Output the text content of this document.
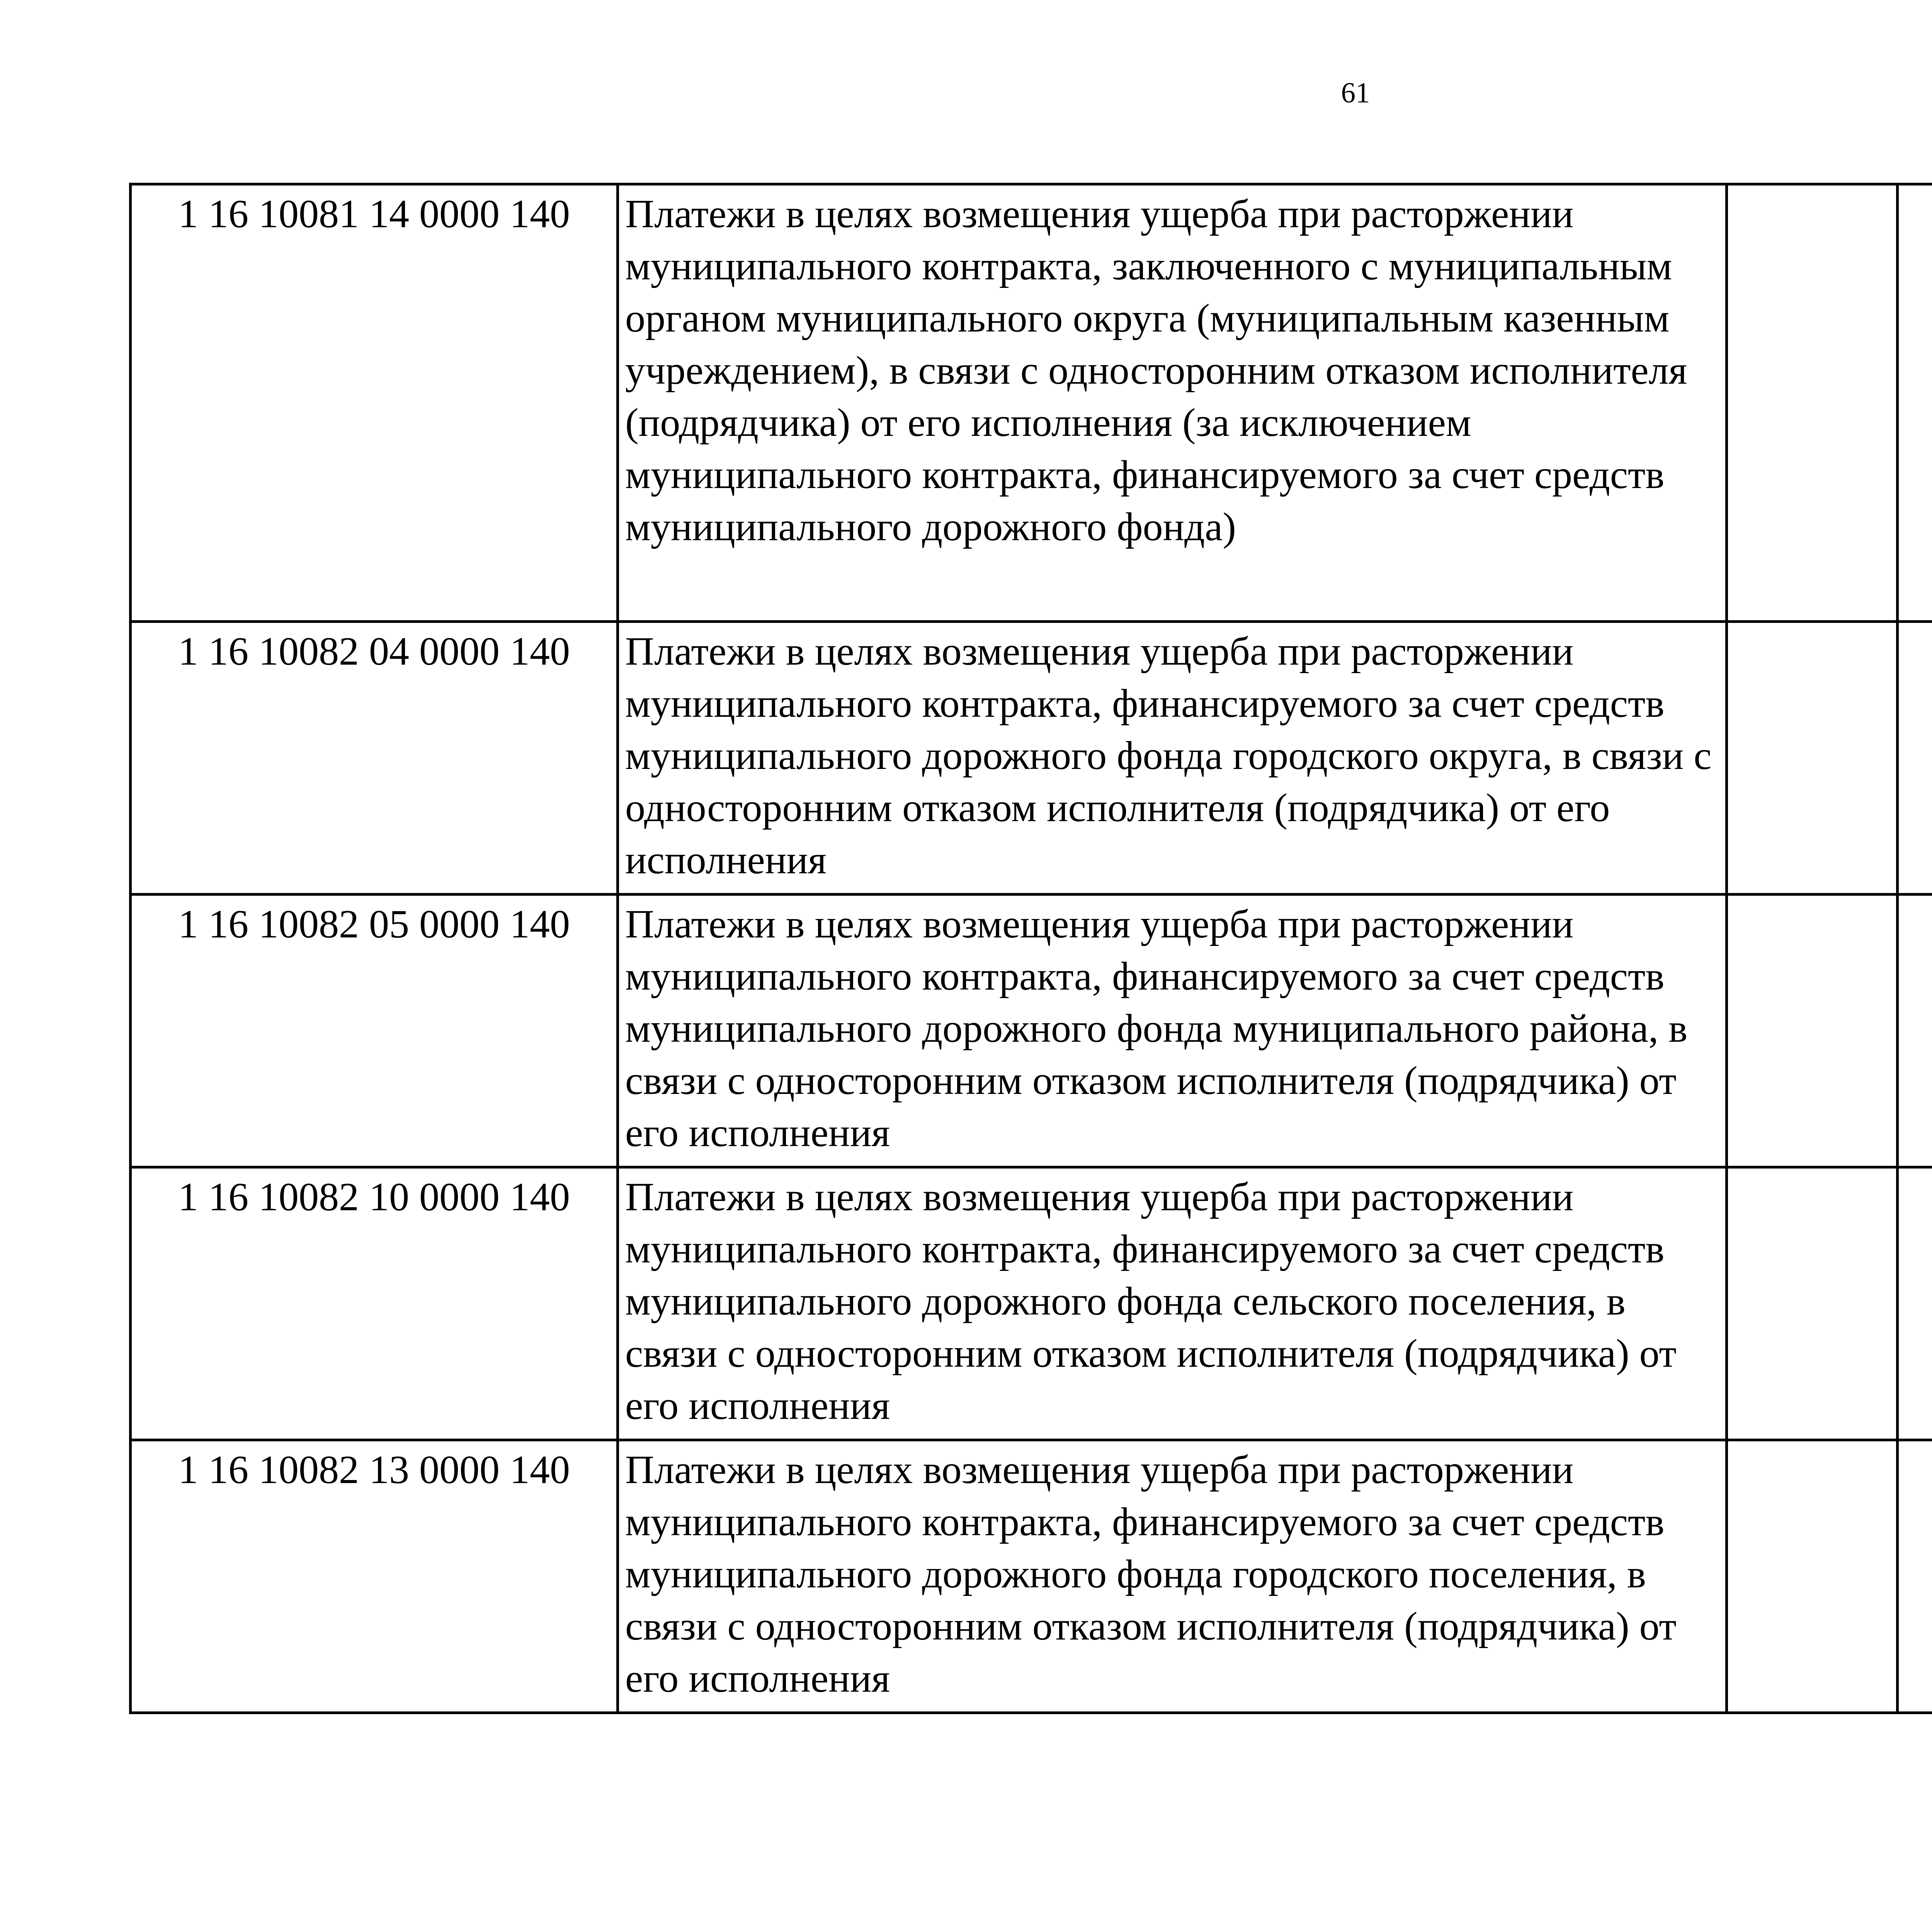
61
1 16 10081 14 0000 140	Платежи в целях возмещения ущерба при расторжении муниципального контракта, заключенного с муниципальным органом муниципального округа (муниципальным казенным учреждением), в связи с односторонним отказом исполнителя (подрядчика) от его исполнения (за исключением муниципального контракта, финансируемого за счет средств муниципального дорожного фонда)					
1 16 10082 04 0000 140	Платежи в целях возмещения ущерба при расторжении муниципального контракта, финансируемого за счет средств муниципального дорожного фонда городского округа, в связи с односторонним отказом исполнителя (подрядчика) от его исполнения					
1 16 10082 05 0000 140	Платежи в целях возмещения ущерба при расторжении муниципального контракта, финансируемого за счет средств муниципального дорожного фонда муниципального района, в связи с односторонним отказом исполнителя (подрядчика) от его исполнения					
1 16 10082 10 0000 140	Платежи в целях возмещения ущерба при расторжении муниципального контракта, финансируемого за счет средств муниципального дорожного фонда сельского поселения, в связи с односторонним отказом исполнителя (подрядчика) от его исполнения					
1 16 10082 13 0000 140	Платежи в целях возмещения ущерба при расторжении муниципального контракта, финансируемого за счет средств муниципального дорожного фонда городского поселения, в связи с односторонним отказом исполнителя (подрядчика) от его исполнения					
